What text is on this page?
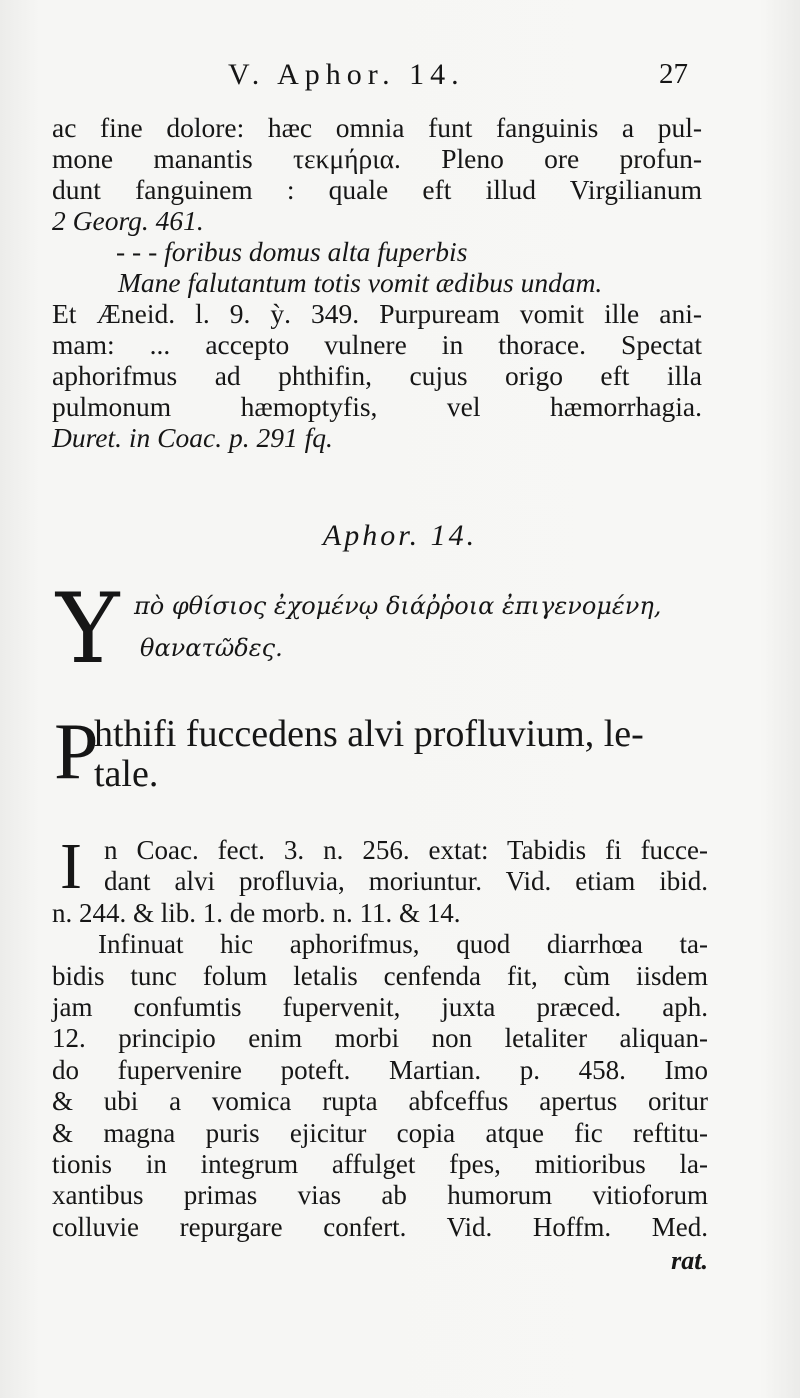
V. Aphor. 14.	27
ac fine dolore: hæc omnia funt fanguinis a pul-
mone manantis τεκμήρια. Pleno ore profun-
dunt fanguinem : quale eft illud Virgilianum
2 Georg. 461.
- - - foribus domus alta fuperbis
Mane falutantum totis vomit ædibus undam.
Et Æneid. l. 9. ỳ. 349. Purpuream vomit ille ani-
mam: ... accepto vulnere in thorace. Spectat
aphorifmus ad phthifin, cujus origo eft illa
pulmonum hæmoptyfis, vel hæmorrhagia.
Duret. in Coac. p. 291 fq.
Aphor. 14.
Υ πὸ φθίσιος ἐχομένῳ διάῤῥοια ἐπιγενομένη,
θανατῶδες.
P
hthifi fuccedens alvi profluvium, le-
tale.
I n Coac. fect. 3. n. 256. extat: Tabidis fi fucce-
dant alvi profluvia, moriuntur. Vid. etiam ibid.
n. 244. & lib. 1. de morb. n. 11. & 14.
Infinuat hic aphorifmus, quod diarrhœa ta-
bidis tunc folum letalis cenfenda fit, cùm iisdem
jam confumtis fupervenit, juxta præced. aph.
12. principio enim morbi non letaliter aliquan-
do fupervenire poteft. Martian. p. 458. Imo
& ubi a vomica rupta abfceffus apertus oritur
& magna puris ejicitur copia atque fic reftitu-
tionis in integrum affulget fpes, mitioribus la-
xantibus primas vias ab humorum vitioforum
colluvie repurgare confert. Vid. Hoffm. Med.
rat.
